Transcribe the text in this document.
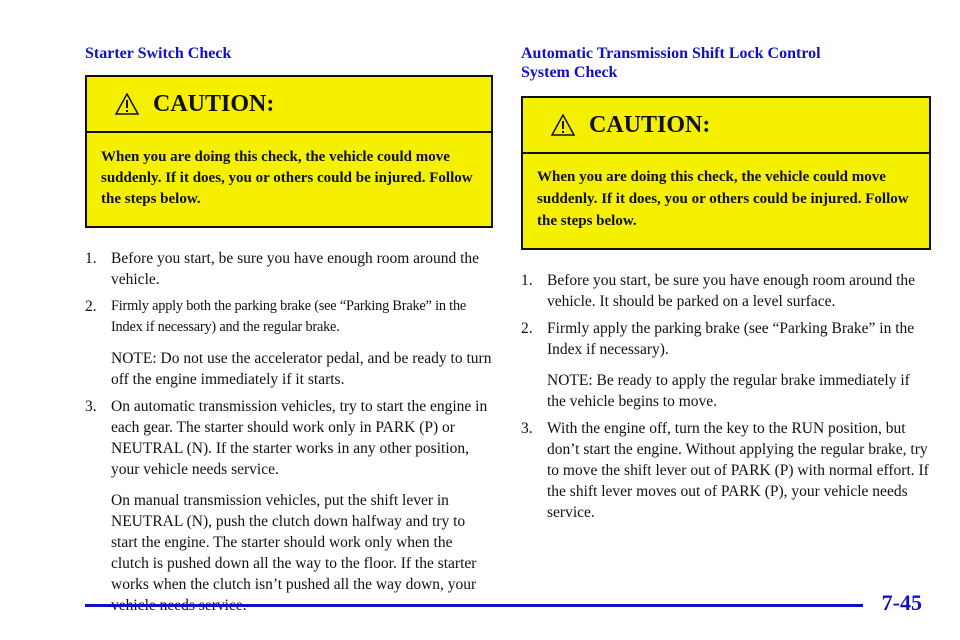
Starter Switch Check
CAUTION:
When you are doing this check, the vehicle could move suddenly. If it does, you or others could be injured. Follow the steps below.
1. Before you start, be sure you have enough room around the vehicle.

2. Firmly apply both the parking brake (see “Parking Brake” in the Index if necessary) and the regular brake.

NOTE: Do not use the accelerator pedal, and be ready to turn off the engine immediately if it starts.

3. On automatic transmission vehicles, try to start the engine in each gear. The starter should work only in PARK (P) or NEUTRAL (N). If the starter works in any other position, your vehicle needs service.

On manual transmission vehicles, put the shift lever in NEUTRAL (N), push the clutch down halfway and try to start the engine. The starter should work only when the clutch is pushed down all the way to the floor. If the starter works when the clutch isn’t pushed all the way down, your

Automatic Transmission Shift Lock Control
System Check
CAUTION:
When you are doing this check, the vehicle could move suddenly. If it does, you or others could be injured. Follow the steps below.
1. Before you start, be sure you have enough room around the vehicle. It should be parked on a level surface.

2. Firmly apply the parking brake (see “Parking Brake” in the Index if necessary).

NOTE: Be ready to apply the regular brake immediately if the vehicle begins to move.

3. With the engine off, turn the key to the RUN position, but don’t start the engine. Without applying the regular brake, try to move the shift lever out of PARK (P) with normal effort. If the shift lever moves out of PARK (P), your vehicle needs service.

7-45
